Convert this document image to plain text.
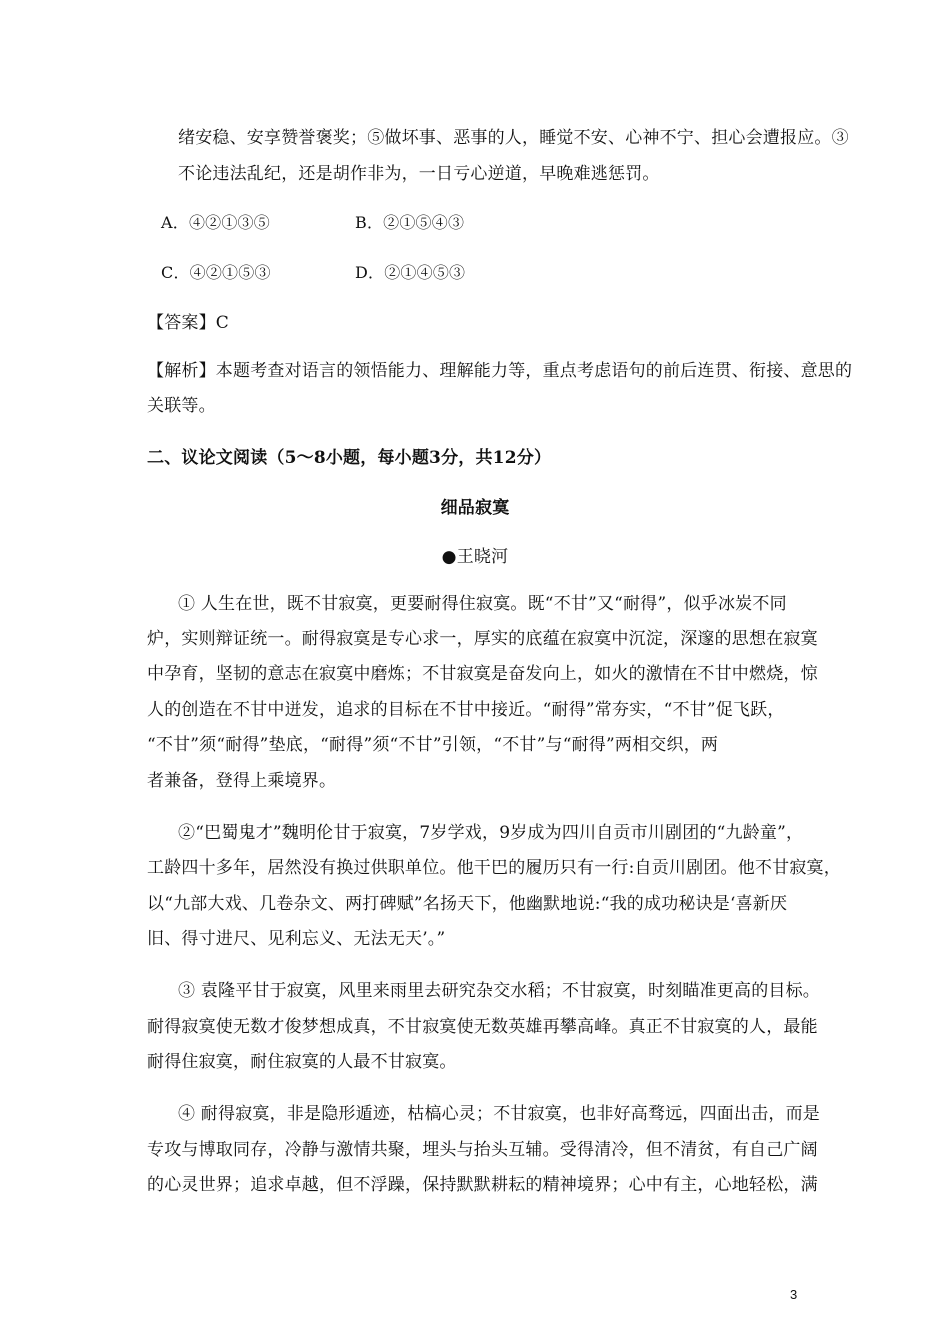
绪安稳、安享赞誉褒奖；⑤做坏事、恶事的人，睡觉不安、心神不宁、担心会遭报应。③
不论违法乱纪，还是胡作非为，一日亏心逆道，早晚难逃惩罚。
A．④②①③⑤	B．②①⑤④③
C．④②①⑤③	D．②①④⑤③
【答案】C
【解析】本题考查对语言的领悟能力、理解能力等，重点考虑语句的前后连贯、衔接、意思的
关联等。
二、议论文阅读（5～8小题，每小题3分，共12分）
细品寂寞
●王晓河
① 人生在世，既不甘寂寞，更要耐得住寂寞。既“不甘”又“耐得”，似乎冰炭不同
炉，实则辩证统一。耐得寂寞是专心求一，厚实的底蕴在寂寞中沉淀，深邃的思想在寂寞
中孕育，坚韧的意志在寂寞中磨炼；不甘寂寞是奋发向上，如火的激情在不甘中燃烧，惊
人的创造在不甘中迸发，追求的目标在不甘中接近。“耐得”常夯实，“不甘”促飞跃，
“不甘”须“耐得”垫底，“耐得”须“不甘”引领，“不甘”与“耐得”两相交织，两
者兼备，登得上乘境界。
②“巴蜀鬼才”魏明伦甘于寂寞，7岁学戏，9岁成为四川自贡市川剧团的“九龄童”，
工龄四十多年，居然没有换过供职单位。他干巴的履历只有一行:自贡川剧团。他不甘寂寞，
以“九部大戏、几卷杂文、两打碑赋”名扬天下，他幽默地说:“我的成功秘诀是‘喜新厌
旧、得寸进尺、见利忘义、无法无天’。”
③ 袁隆平甘于寂寞，风里来雨里去研究杂交水稻；不甘寂寞，时刻瞄准更高的目标。
耐得寂寞使无数才俊梦想成真，不甘寂寞使无数英雄再攀高峰。真正不甘寂寞的人，最能
耐得住寂寞，耐住寂寞的人最不甘寂寞。
④ 耐得寂寞，非是隐形遁迹，枯槁心灵；不甘寂寞，也非好高骛远，四面出击，而是
专攻与博取同存，冷静与激情共聚，埋头与抬头互辅。受得清冷，但不清贫，有自己广阔
的心灵世界；追求卓越，但不浮躁，保持默默耕耘的精神境界；心中有主，心地轻松，满
3
